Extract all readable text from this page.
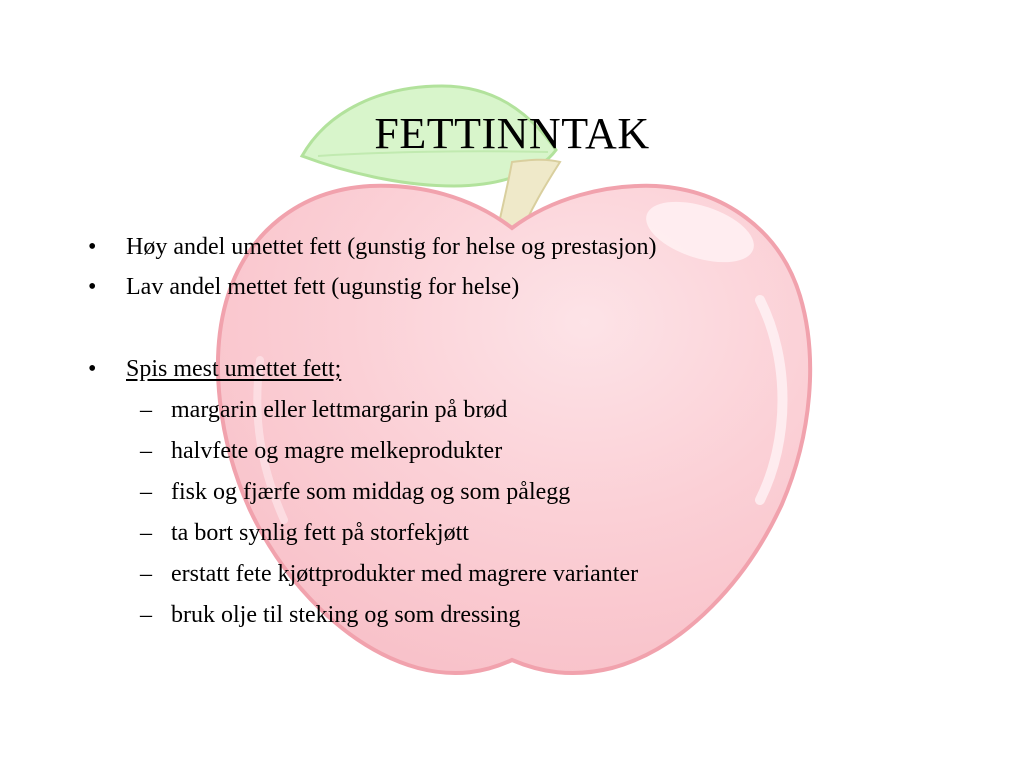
FETTINNTAK
• Høy andel umettet fett (gunstig for helse og prestasjon)
• Lav andel mettet fett (ugunstig for helse)
• Spis mest umettet fett;
– margarin eller lettmargarin på brød
– halvfete og magre melkeprodukter
– fisk og fjærfe som middag og som pålegg
– ta bort synlig fett på storfekjøtt
– erstatt fete kjøttprodukter med magrere varianter
– bruk olje til steking og som dressing
